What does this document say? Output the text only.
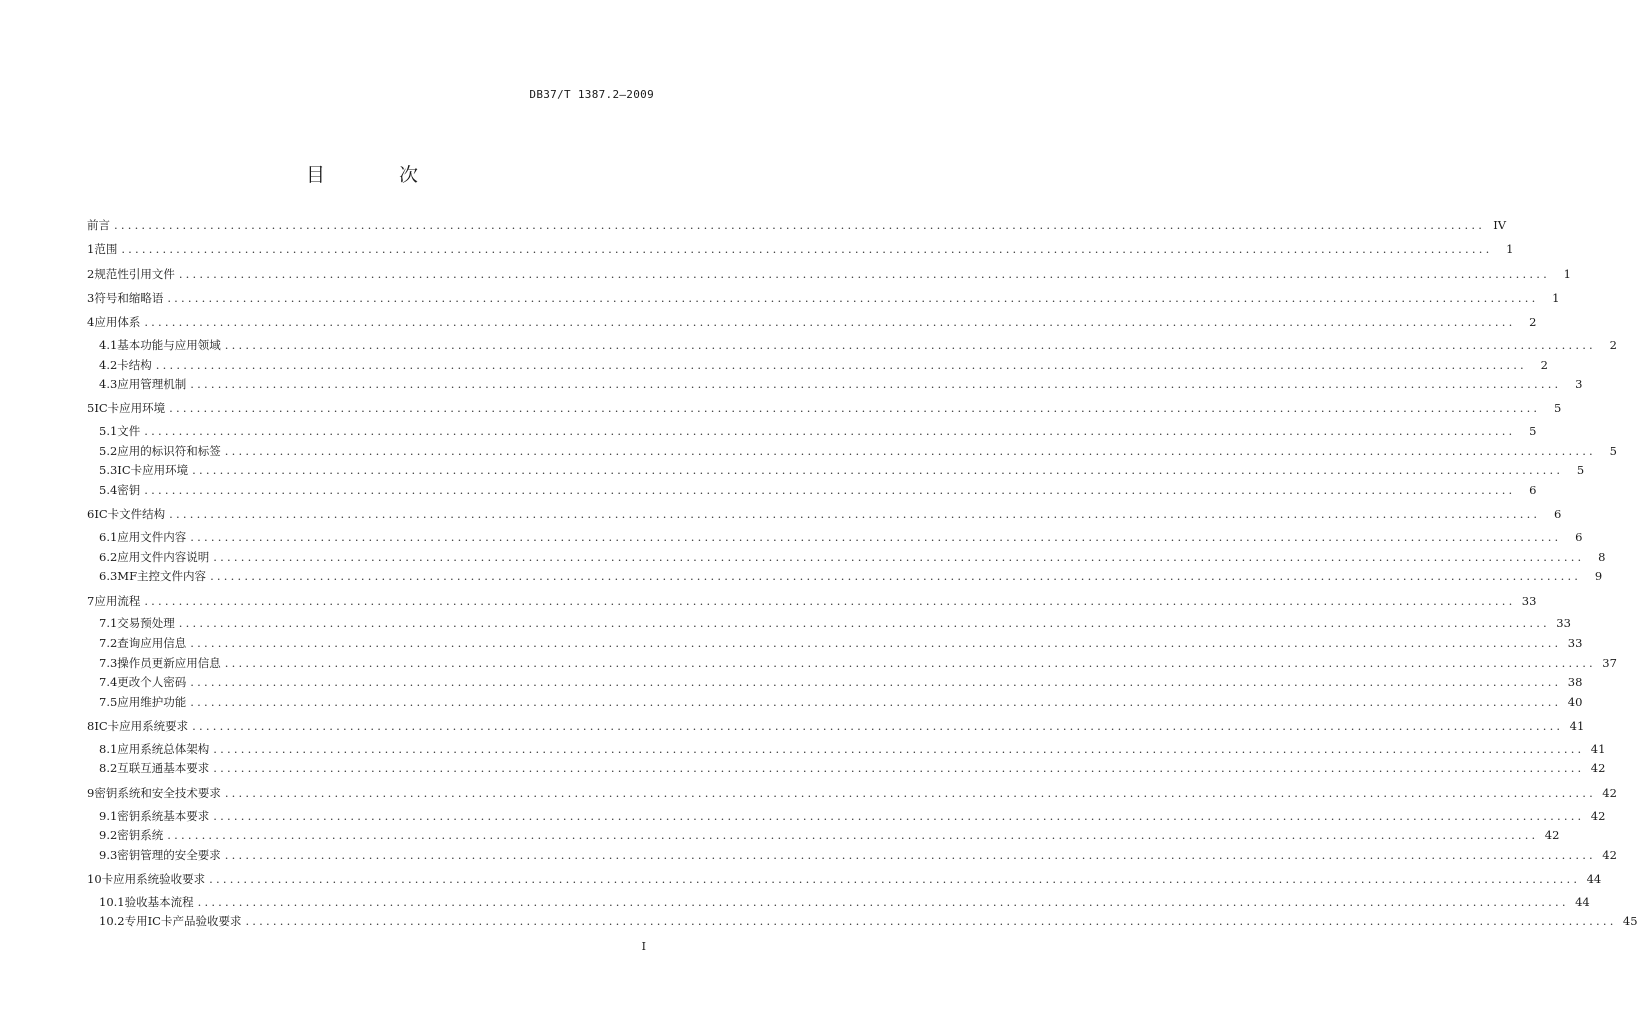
DB37/T 1387.2—2009
目 次
前言 ........................................................................................................................................................................................................ IV
1 范围 ........................................................................................................................................................................................................	1
2 规范性引用文件 ........................................................................................................................................................................................................	1
3 符号和缩略语 ........................................................................................................................................................................................................	1
4 应用体系 ........................................................................................................................................................................................................	2
4.1 基本功能与应用领域 ........................................................................................................................................................................................................	2
4.2 卡结构 ........................................................................................................................................................................................................	2
4.3 应用管理机制 ........................................................................................................................................................................................................	3
5 IC卡应用环境 ........................................................................................................................................................................................................	5
5.1 文件 ........................................................................................................................................................................................................	5
5.2 应用的标识符和标签 ........................................................................................................................................................................................................	5
5.3 IC卡应用环境 ........................................................................................................................................................................................................	5
5.4 密钥 ........................................................................................................................................................................................................	6
6 IC卡文件结构 ........................................................................................................................................................................................................	6
6.1 应用文件内容 ........................................................................................................................................................................................................	6
6.2 应用文件内容说明 ........................................................................................................................................................................................................	8
6.3 MF主控文件内容 ........................................................................................................................................................................................................	9
7 应用流程 ........................................................................................................................................................................................................ 33
7.1 交易预处理 ........................................................................................................................................................................................................ 33
7.2 查询应用信息 ........................................................................................................................................................................................................ 33
7.3 操作员更新应用信息 ........................................................................................................................................................................................................ 37
7.4 更改个人密码 ........................................................................................................................................................................................................ 38
7.5 应用维护功能 ........................................................................................................................................................................................................ 40
8 IC卡应用系统要求 ........................................................................................................................................................................................................ 41
8.1 应用系统总体架构 ........................................................................................................................................................................................................ 41
8.2 互联互通基本要求 ........................................................................................................................................................................................................ 42
9 密钥系统和安全技术要求 ........................................................................................................................................................................................................ 42
9.1 密钥系统基本要求 ........................................................................................................................................................................................................ 42
9.2 密钥系统 ........................................................................................................................................................................................................ 42
9.3 密钥管理的安全要求 ........................................................................................................................................................................................................ 42
10 卡应用系统验收要求 ........................................................................................................................................................................................................ 44
10.1 验收基本流程 ........................................................................................................................................................................................................ 44
10.2 专用IC卡产品验收要求 ........................................................................................................................................................................................................ 45
I
